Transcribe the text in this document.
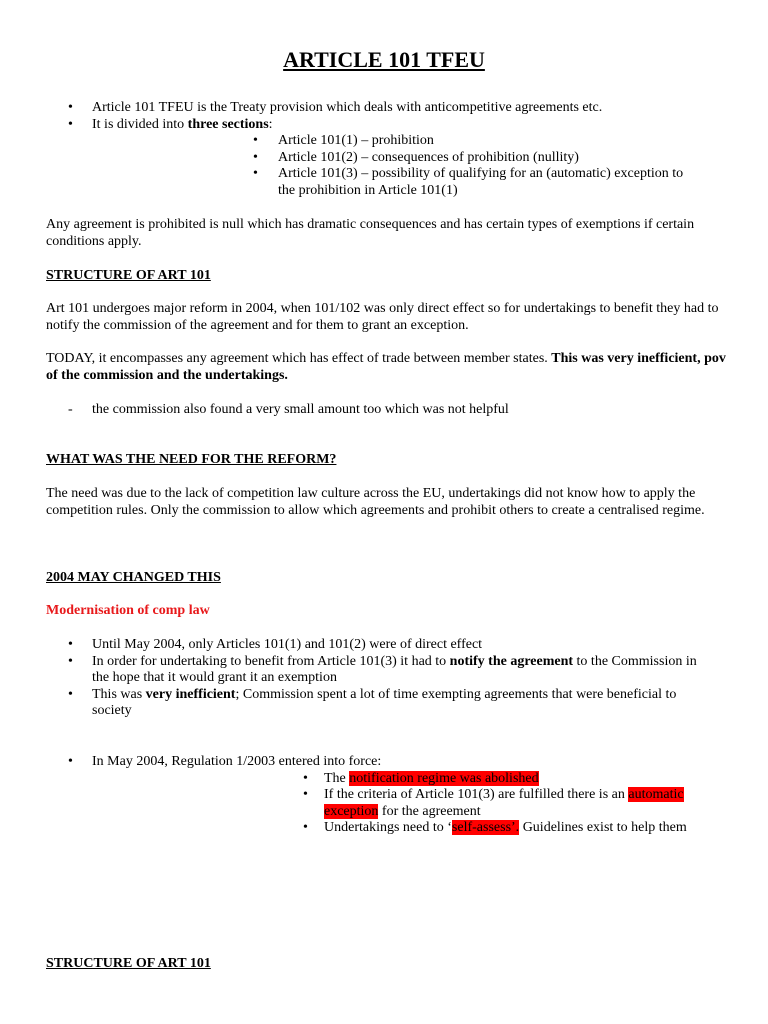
ARTICLE 101 TFEU
• Article 101 TFEU is the Treaty provision which deals with anticompetitive agreements etc.
• It is divided into three sections:
• Article 101(1) – prohibition
• Article 101(2) – consequences of prohibition (nullity)
• Article 101(3) – possibility of qualifying for an (automatic) exception to the prohibition in Article 101(1)

Any agreement is prohibited is null which has dramatic consequences and has certain types of exemptions if certain conditions apply.

STRUCTURE OF ART 101

Art 101 undergoes major reform in 2004, when 101/102 was only direct effect so for undertakings to benefit they had to notify the commission of the agreement and for them to grant an exception.

TODAY, it encompasses any agreement which has effect of trade between member states. This was very inefficient, pov of the commission and the undertakings.

- the commission also found a very small amount too which was not helpful
WHAT WAS THE NEED FOR THE REFORM?

The need was due to the lack of competition law culture across the EU, undertakings did not know how to apply the competition rules. Only the commission to allow which agreements and prohibit others to create a centralised regime.

2004 MAY CHANGED THIS
Modernisation of comp law
• Until May 2004, only Articles 101(1) and 101(2) were of direct effect
• In order for undertaking to benefit from Article 101(3) it had to notify the agreement to the Commission in the hope that it would grant it an exemption
• This was very inefficient; Commission spent a lot of time exempting agreements that were beneficial to society
• In May 2004, Regulation 1/2003 entered into force:
• The notification regime was abolished
• If the criteria of Article 101(3) are fulfilled there is an automatic exception for the agreement
• Undertakings need to ‘self-assess’. Guidelines exist to help them
STRUCTURE OF ART 101
